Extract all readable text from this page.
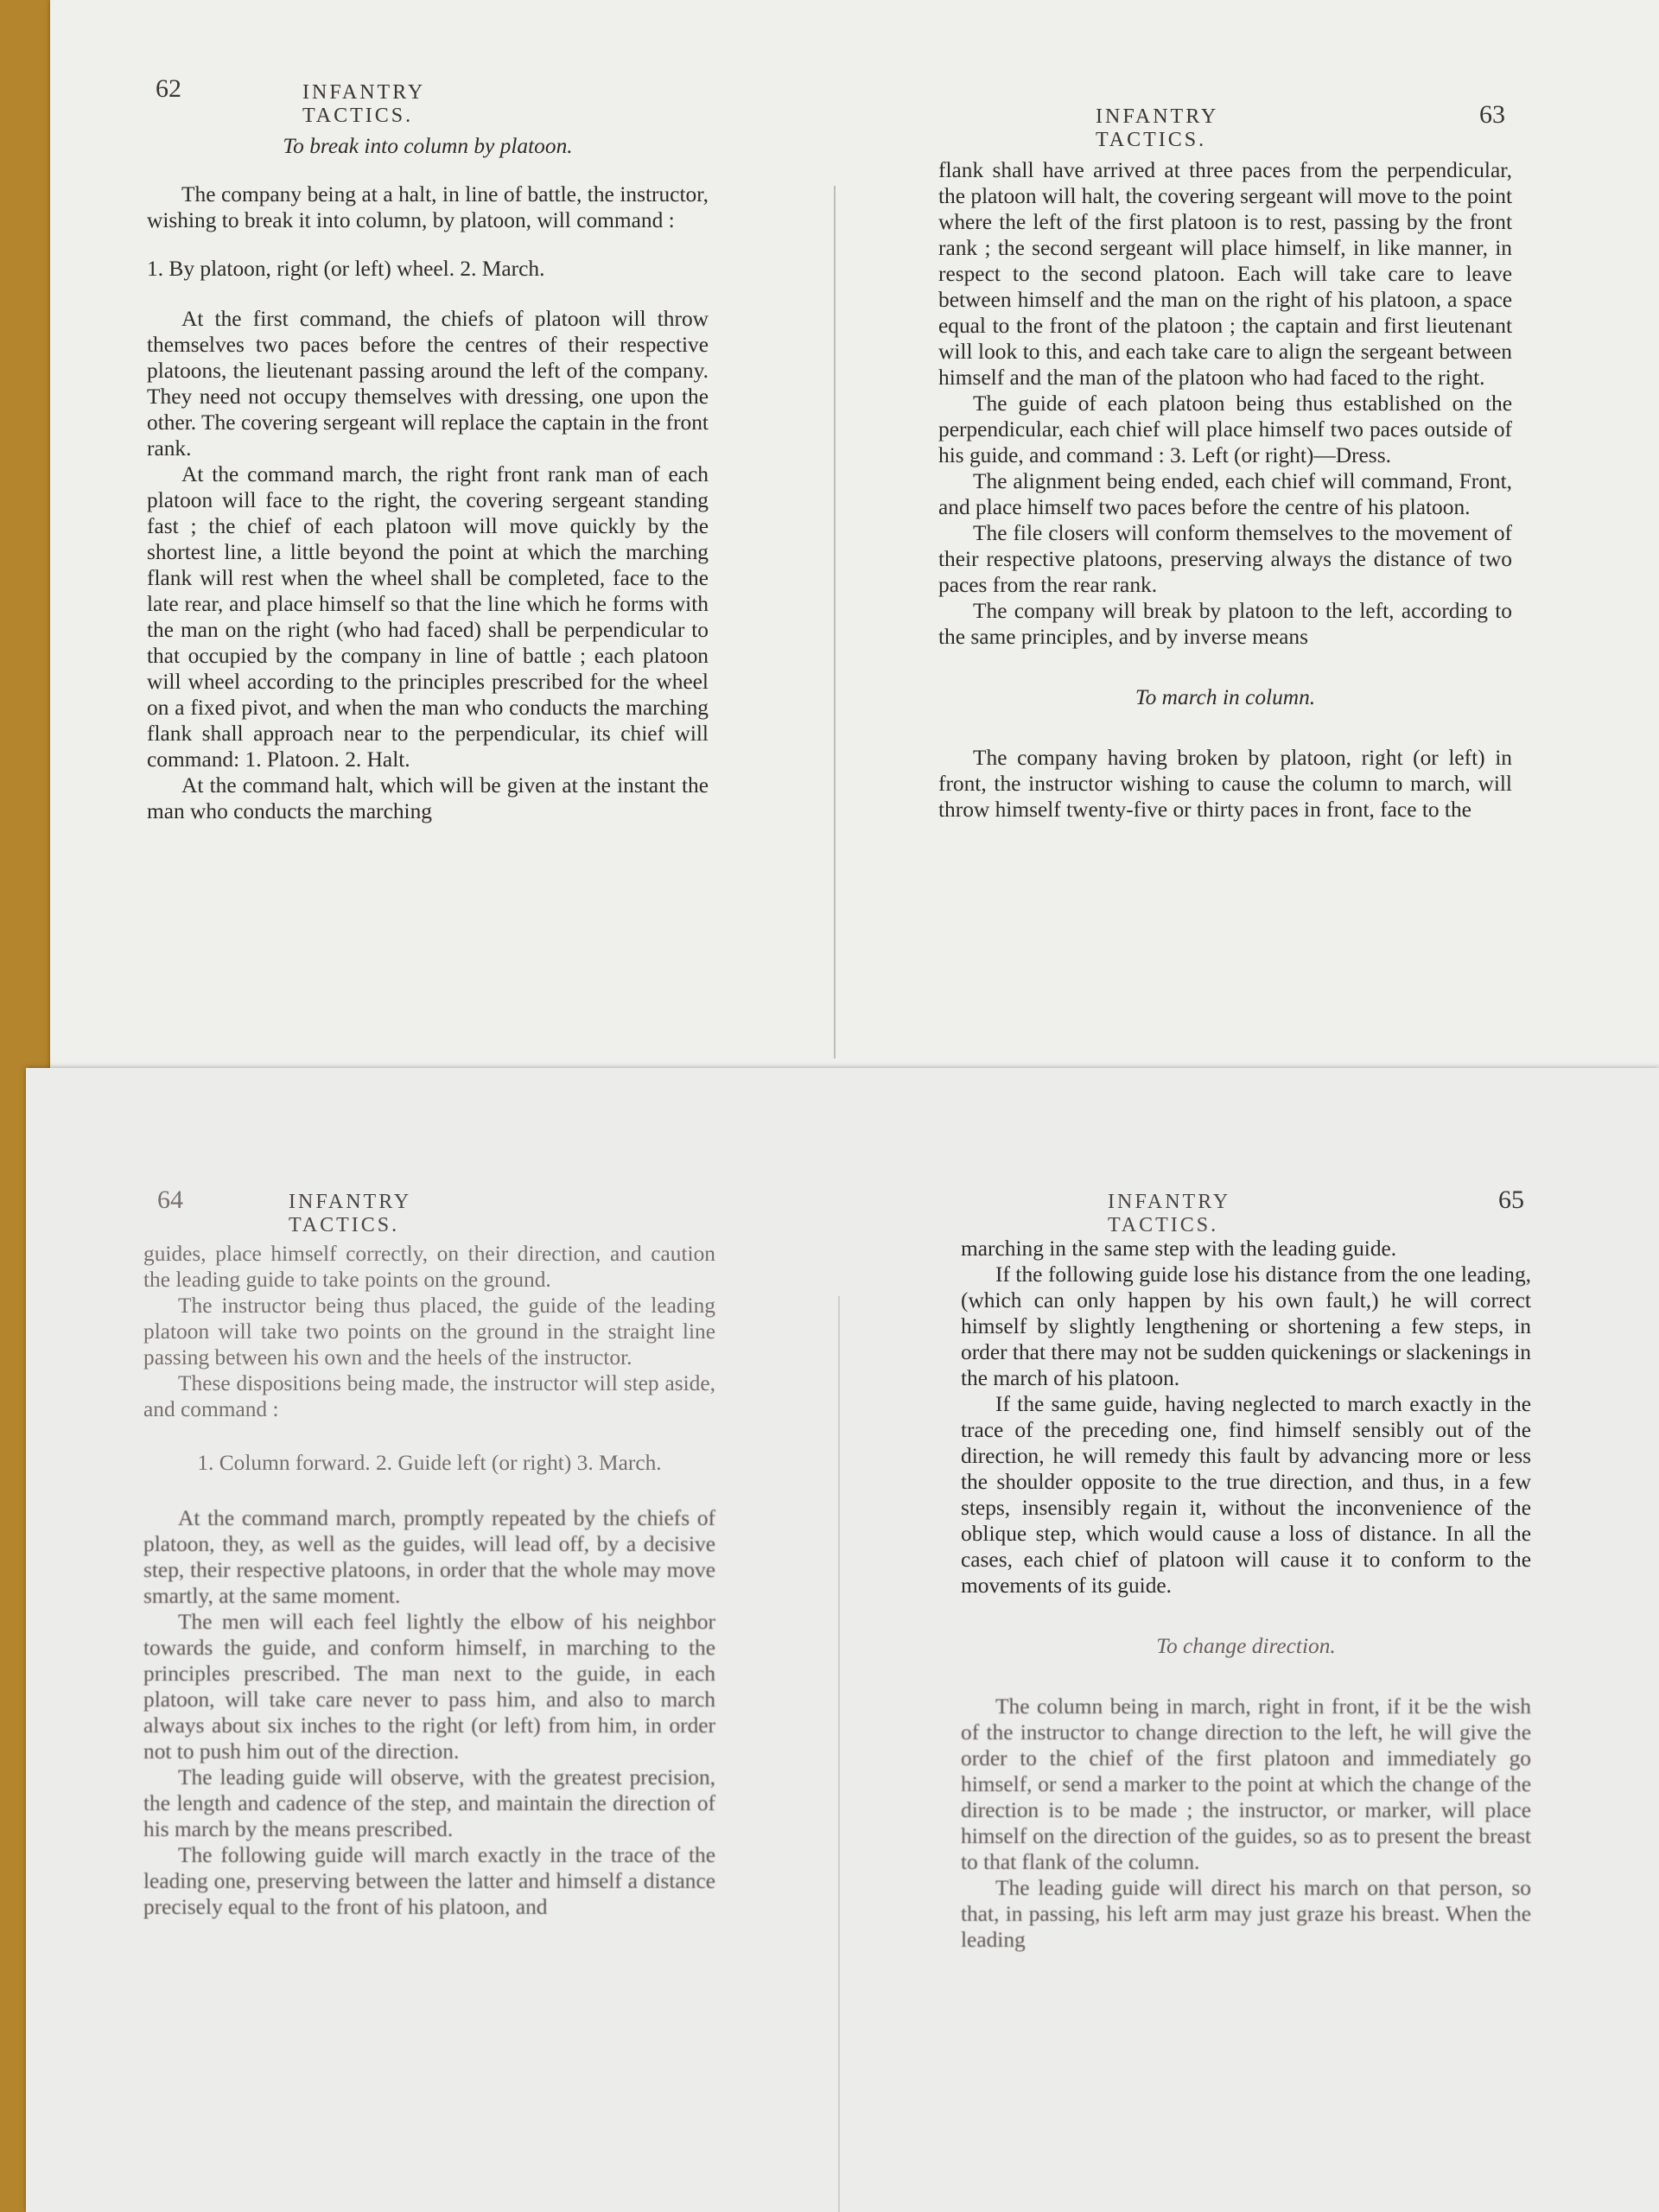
62	INFANTRY TACTICS.

To break into column by platoon.

The company being at a halt, in line of battle, the instructor, wishing to break it into column, by platoon, will command :

1. By platoon, right (or left) wheel. 2. March.

At the first command, the chiefs of platoon will throw themselves two paces before the centres of their respective platoons, the lieutenant passing around the left of the company. They need not occupy themselves with dressing, one upon the other. The covering sergeant will replace the captain in the front rank.

At the command march, the right front rank man of each platoon will face to the right, the covering sergeant standing fast ; the chief of each platoon will move quickly by the shortest line, a little beyond the point at which the marching flank will rest when the wheel shall be completed, face to the late rear, and place himself so that the line which he forms with the man on the right (who had faced) shall be perpendicular to that occupied by the company in line of battle ; each platoon will wheel according to the principles prescribed for the wheel on a fixed pivot, and when the man who conducts the marching flank shall approach near to the perpendicular, its chief will command: 1. Platoon. 2. Halt.

At the command halt, which will be given at the instant the man who conducts the marching

INFANTRY TACTICS.
63

flank shall have arrived at three paces from the perpendicular, the platoon will halt, the covering sergeant will move to the point where the left of the first platoon is to rest, passing by the front rank ; the second sergeant will place himself, in like manner, in respect to the second platoon. Each will take care to leave between himself and the man on the right of his platoon, a space equal to the front of the platoon ; the captain and first lieutenant will look to this, and each take care to align the sergeant between himself and the man of the platoon who had faced to the right.

The guide of each platoon being thus established on the perpendicular, each chief will place himself two paces outside of his guide, and command : 3. Left (or right)—Dress.

The alignment being ended, each chief will command, Front, and place himself two paces before the centre of his platoon.

The file closers will conform themselves to the movement of their respective platoons, preserving always the distance of two paces from the rear rank.

The company will break by platoon to the left, according to the same principles, and by inverse means

To march in column.

The company having broken by platoon, right (or left) in front, the instructor wishing to cause the column to march, will throw himself twenty-five or thirty paces in front, face to the

64	INFANTRY TACTICS.

guides, place himself correctly, on their direction, and caution the leading guide to take points on the ground.

The instructor being thus placed, the guide of the leading platoon will take two points on the ground in the straight line passing between his own and the heels of the instructor.

These dispositions being made, the instructor will step aside, and command :

1. Column forward. 2. Guide left (or right) 3. March.

At the command march, promptly repeated by the chiefs of platoon, they, as well as the guides, will lead off, by a decisive step, their respective platoons, in order that the whole may move smartly, at the same moment.

The men will each feel lightly the elbow of his neighbor towards the guide, and conform himself, in marching to the principles prescribed. The man next to the guide, in each platoon, will take care never to pass him, and also to march always about six inches to the right (or left) from him, in order not to push him out of the direction.

The leading guide will observe, with the greatest precision, the length and cadence of the step, and maintain the direction of his march by the means prescribed.

The following guide will march exactly in the trace of the leading one, preserving between the latter and himself a distance precisely equal to the front of his platoon, and

INFANTRY TACTICS.
65

marching in the same step with the leading guide.

If the following guide lose his distance from the one leading, (which can only happen by his own fault,) he will correct himself by slightly lengthening or shortening a few steps, in order that there may not be sudden quickenings or slackenings in the march of his platoon.

If the same guide, having neglected to march exactly in the trace of the preceding one, find himself sensibly out of the direction, he will remedy this fault by advancing more or less the shoulder opposite to the true direction, and thus, in a few steps, insensibly regain it, without the inconvenience of the oblique step, which would cause a loss of distance. In all the cases, each chief of platoon will cause it to conform to the movements of its guide.

To change direction.

The column being in march, right in front, if it be the wish of the instructor to change direction to the left, he will give the order to the chief of the first platoon and immediately go himself, or send a marker to the point at which the change of the direction is to be made ; the instructor, or marker, will place himself on the direction of the guides, so as to present the breast to that flank of the column.

The leading guide will direct his march on that person, so that, in passing, his left arm may just graze his breast. When the leading
